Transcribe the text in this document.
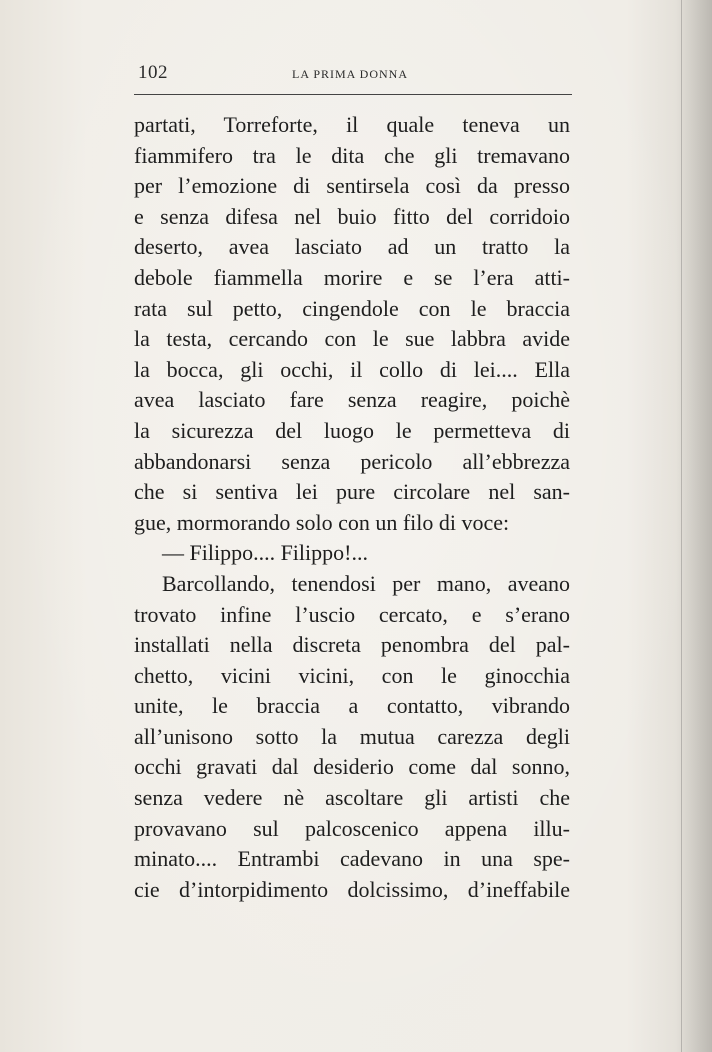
102	LA PRIMA DONNA
partati, Torreforte, il quale teneva un
fiammifero tra le dita che gli tremavano
per l’emozione di sentirsela così da presso
e senza difesa nel buio fitto del corridoio
deserto, avea lasciato ad un tratto la
debole fiammella morire e se l’era atti-
rata sul petto, cingendole con le braccia
la testa, cercando con le sue labbra avide
la bocca, gli occhi, il collo di lei.... Ella
avea lasciato fare senza reagire, poichè
la sicurezza del luogo le permetteva di
abbandonarsi senza pericolo all’ebbrezza
che si sentiva lei pure circolare nel san-
gue, mormorando solo con un filo di voce:
— Filippo.... Filippo!...
Barcollando, tenendosi per mano, aveano
trovato infine l’uscio cercato, e s’erano
installati nella discreta penombra del pal-
chetto, vicini vicini, con le ginocchia
unite, le braccia a contatto, vibrando
all’unisono sotto la mutua carezza degli
occhi gravati dal desiderio come dal sonno,
senza vedere nè ascoltare gli artisti che
provavano sul palcoscenico appena illu-
minato.... Entrambi cadevano in una spe-
cie d’intorpidimento dolcissimo, d’ineffabile
